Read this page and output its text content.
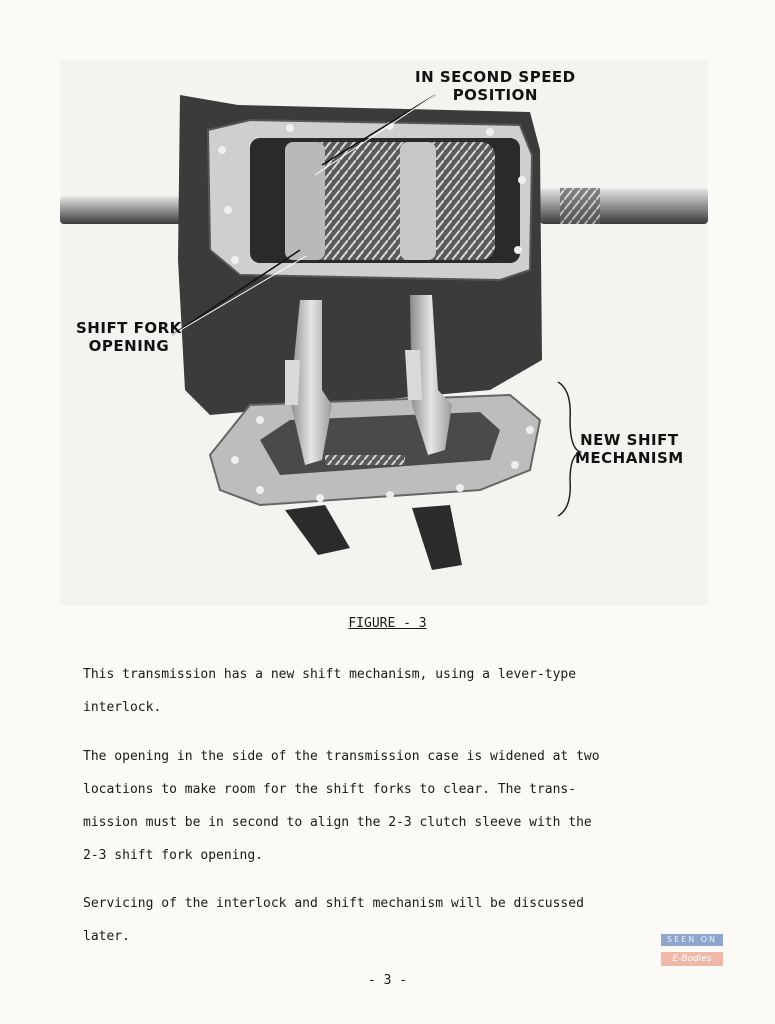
IN SECOND SPEED
POSITION
SHIFT FORK
OPENING
NEW SHIFT
MECHANISM
FIGURE - 3
This transmission has a new shift mechanism, using a lever-type
interlock.
The opening in the side of the transmission case is widened at two
locations to make room for the shift forks to clear. The trans-
mission must be in second to align the 2-3 clutch sleeve with the
2-3 shift fork opening.
Servicing of the interlock and shift mechanism will be discussed
later.
- 3 -
SEEN ON
E-Bodies
